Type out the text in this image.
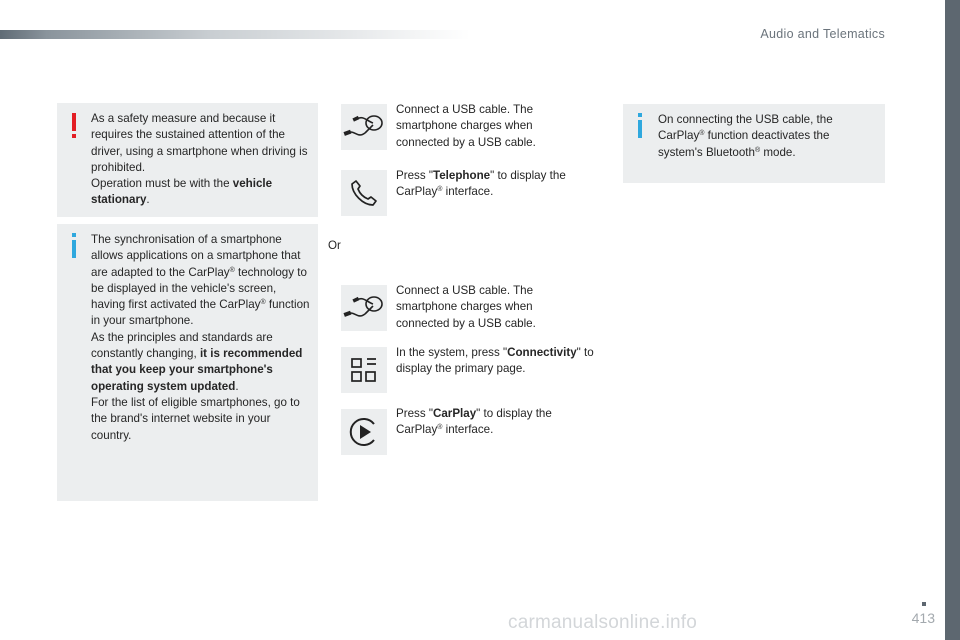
Audio and Telematics

As a safety measure and because it requires the sustained attention of the driver, using a smartphone when driving is prohibited.

Operation must be with the vehicle stationary.

The synchronisation of a smartphone allows applications on a smartphone that are adapted to the CarPlay® technology to be displayed in the vehicle's screen, having first activated the CarPlay® function in your smartphone.

As the principles and standards are constantly changing, it is recommended that you keep your smartphone's operating system updated.

For the list of eligible smartphones, go to the brand's internet website in your country.

Connect a USB cable. The smartphone charges when connected by a USB cable.
Press "Telephone" to display the CarPlay® interface.
Or
Connect a USB cable. The smartphone charges when connected by a USB cable.
In the system, press "Connectivity" to display the primary page.
Press "CarPlay" to display the CarPlay® interface.
On connecting the USB cable, the CarPlay® function deactivates the system's Bluetooth® mode.
413
carmanualsonline.info
